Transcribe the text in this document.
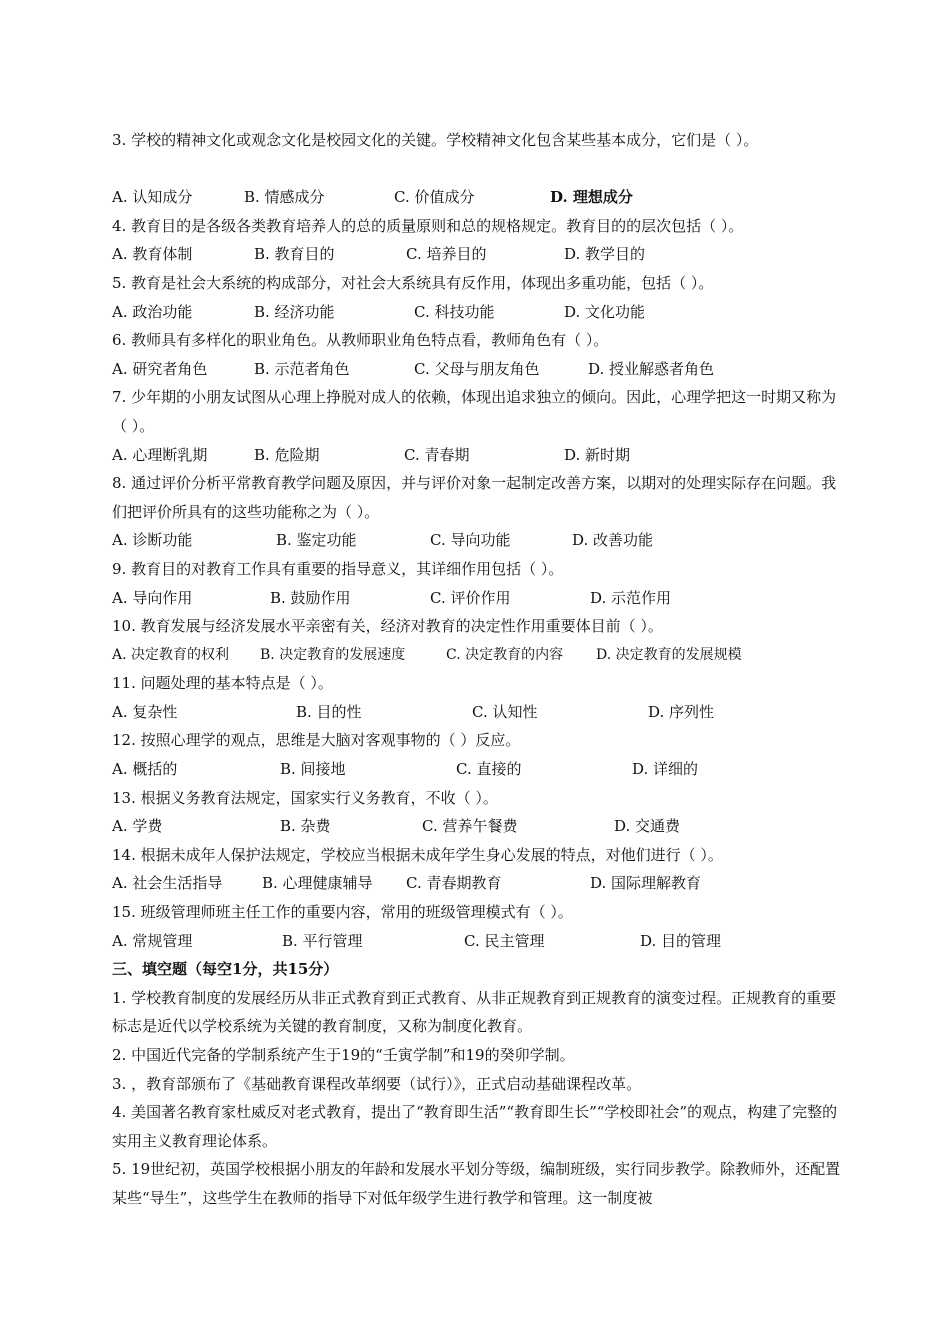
3. 学校的精神文化或观念文化是校园文化的关键。学校精神文化包含某些基本成分，它们是（ ）。
A. 认知成分	B. 情感成分	C. 价值成分	D. 理想成分
4. 教育目的是各级各类教育培养人的总的质量原则和总的规格规定。教育目的的层次包括（ ）。
A. 教育体制	B. 教育目的	C. 培养目的	D. 教学目的
5. 教育是社会大系统的构成部分，对社会大系统具有反作用，体现出多重功能，包括（ ）。
A. 政治功能	B. 经济功能	C. 科技功能	D. 文化功能
6. 教师具有多样化的职业角色。从教师职业角色特点看，教师角色有（ ）。
A. 研究者角色	B. 示范者角色	C. 父母与朋友角色	D. 授业解惑者角色
7. 少年期的小朋友试图从心理上挣脱对成人的依赖，体现出追求独立的倾向。因此，心理学把这一时期又称为（ ）。
A. 心理断乳期	B. 危险期	C. 青春期	D. 新时期
8. 通过评价分析平常教育教学问题及原因，并与评价对象一起制定改善方案，以期对的处理实际存在问题。我们把评价所具有的这些功能称之为（ ）。
A. 诊断功能	B. 鉴定功能	C. 导向功能	D. 改善功能
9. 教育目的对教育工作具有重要的指导意义，其详细作用包括（ ）。
A. 导向作用	B. 鼓励作用	C. 评价作用	D. 示范作用
10. 教育发展与经济发展水平亲密有关，经济对教育的决定性作用重要体目前（ ）。
A. 决定教育的权利	B. 决定教育的发展速度	C. 决定教育的内容	D. 决定教育的发展规模
11. 问题处理的基本特点是（ ）。
A. 复杂性	B. 目的性	C. 认知性	D. 序列性
12. 按照心理学的观点，思维是大脑对客观事物的（ ）反应。
A. 概括的	B. 间接地	C. 直接的	D. 详细的
13. 根据义务教育法规定，国家实行义务教育，不收（ ）。
A. 学费	B. 杂费	C. 营养午餐费	D. 交通费
14. 根据未成年人保护法规定，学校应当根据未成年学生身心发展的特点，对他们进行（ ）。
A. 社会生活指导	B. 心理健康辅导	C. 青春期教育	D. 国际理解教育
15. 班级管理师班主任工作的重要内容，常用的班级管理模式有（ ）。
A. 常规管理	B. 平行管理	C. 民主管理	D. 目的管理
三、填空题（每空1分，共15分）
1. 学校教育制度的发展经历从非正式教育到正式教育、从非正规教育到正规教育的演变过程。正规教育的重要标志是近代以学校系统为关键的教育制度，又称为制度化教育。
2. 中国近代完备的学制系统产生于19的“壬寅学制”和19的癸卯学制。
3. ，教育部颁布了《基础教育课程改革纲要（试行）》，正式启动基础课程改革。
4. 美国著名教育家杜威反对老式教育，提出了“教育即生活”“教育即生长”“学校即社会”的观点，构建了完整的实用主义教育理论体系。
5. 19世纪初，英国学校根据小朋友的年龄和发展水平划分等级，编制班级，实行同步教学。除教师外，还配置某些“导生”，这些学生在教师的指导下对低年级学生进行教学和管理。这一制度被
